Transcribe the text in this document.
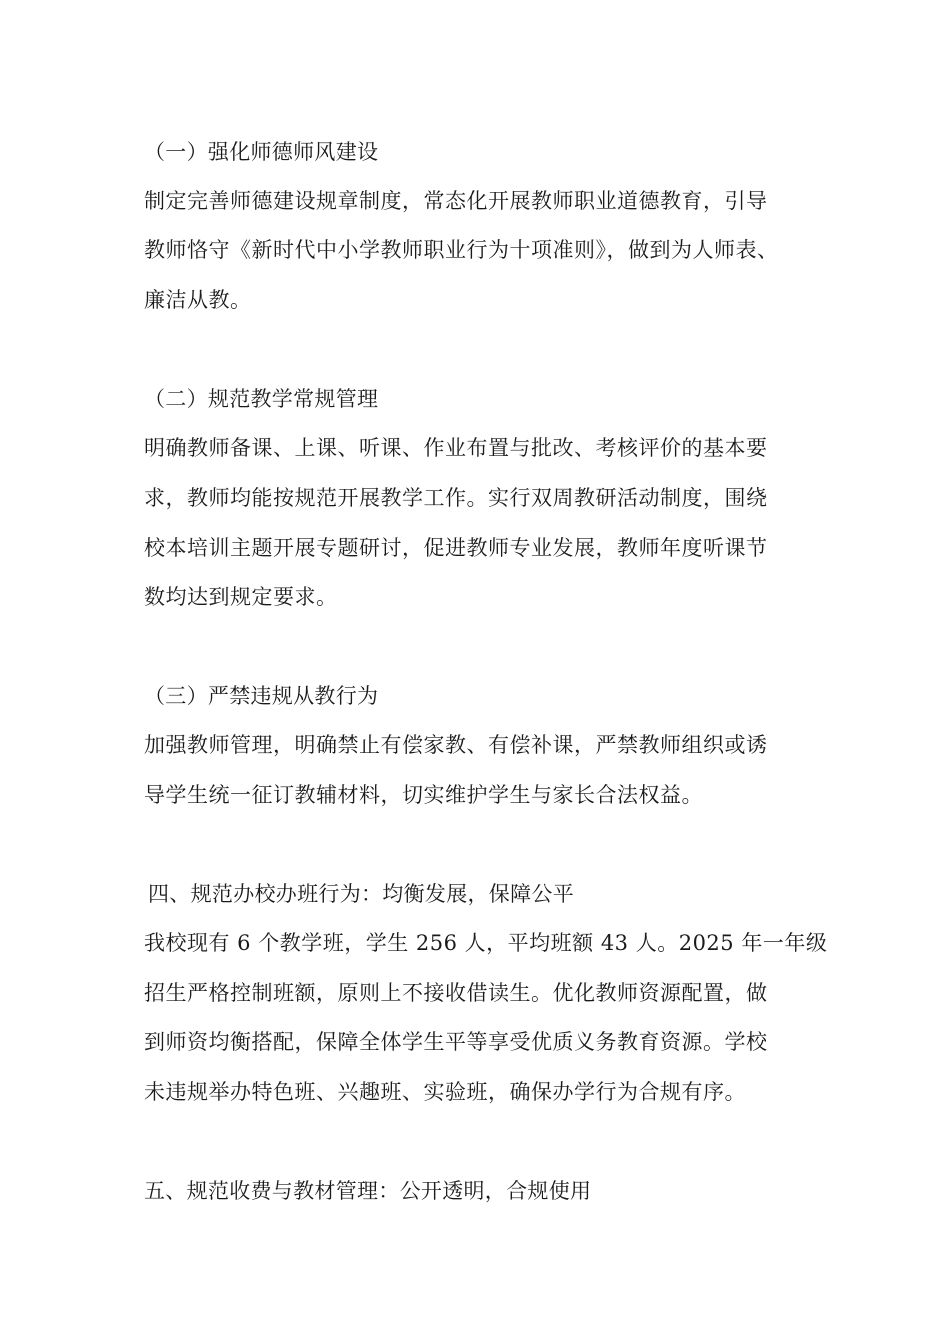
（一）强化师德师风建设
制定完善师德建设规章制度，常态化开展教师职业道德教育，引导
教师恪守《新时代中小学教师职业行为十项准则》，做到为人师表、
廉洁从教。
（二）规范教学常规管理
明确教师备课、上课、听课、作业布置与批改、考核评价的基本要
求，教师均能按规范开展教学工作。实行双周教研活动制度，围绕
校本培训主题开展专题研讨，促进教师专业发展，教师年度听课节
数均达到规定要求。
（三）严禁违规从教行为
加强教师管理，明确禁止有偿家教、有偿补课，严禁教师组织或诱
导学生统一征订教辅材料，切实维护学生与家长合法权益。
四、规范办校办班行为：均衡发展，保障公平
我校现有 6 个教学班，学生 256 人，平均班额 43 人。2025 年一年级
招生严格控制班额，原则上不接收借读生。优化教师资源配置，做
到师资均衡搭配，保障全体学生平等享受优质义务教育资源。学校
未违规举办特色班、兴趣班、实验班，确保办学行为合规有序。
五、规范收费与教材管理：公开透明，合规使用
